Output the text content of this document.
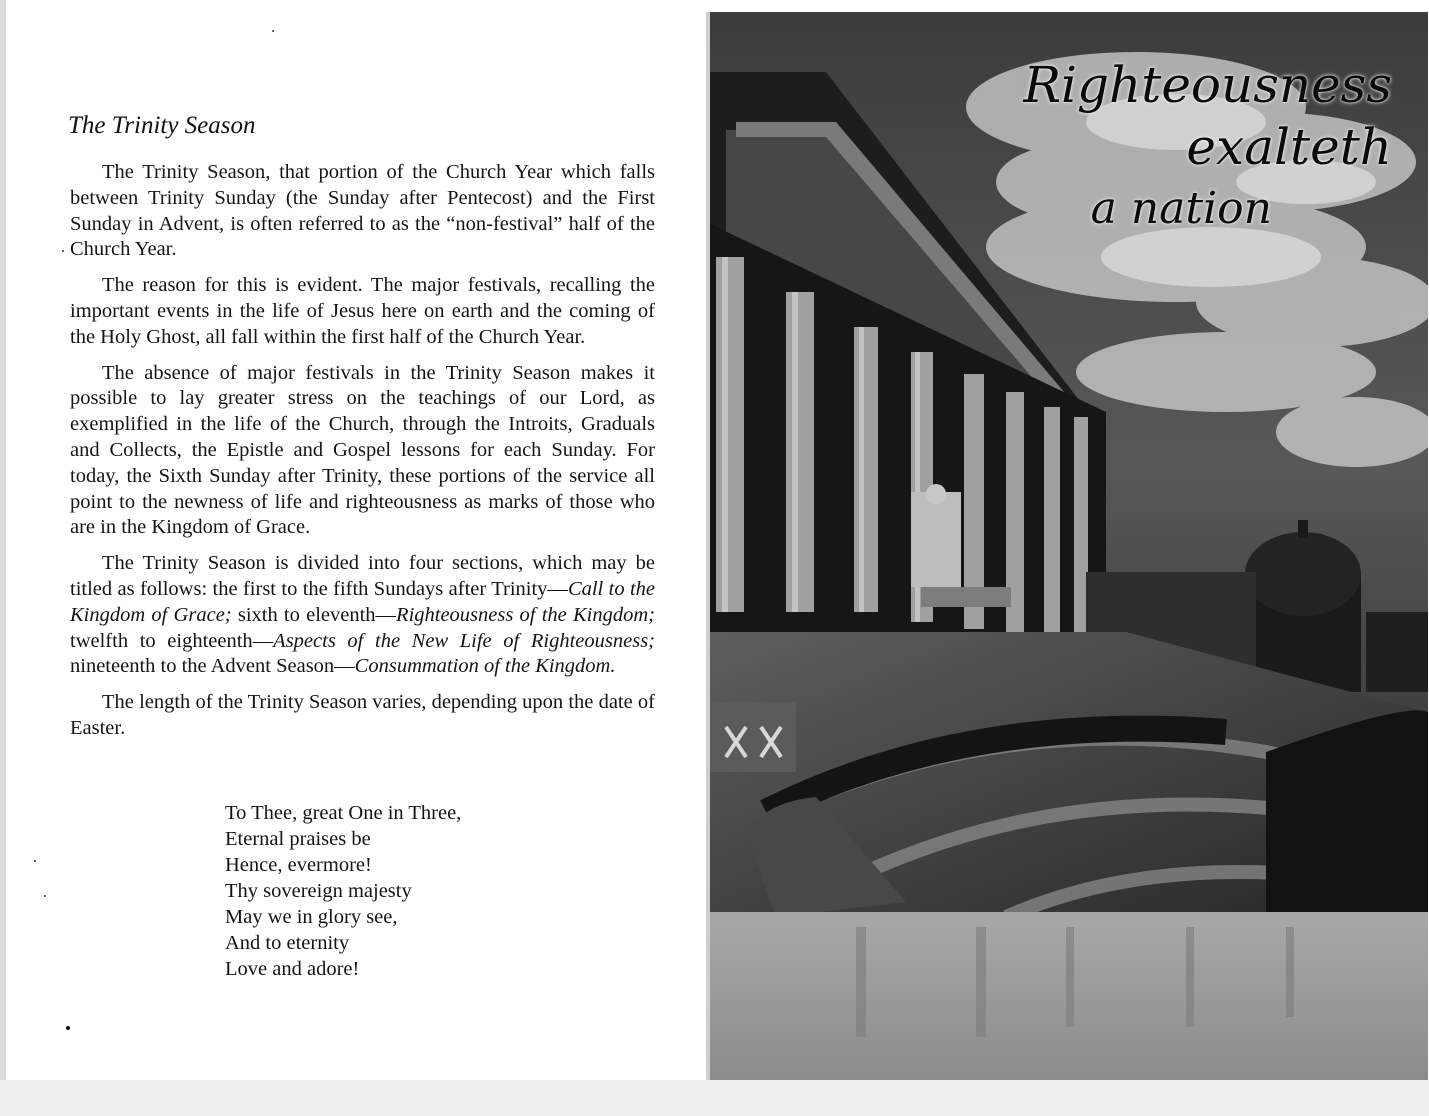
The Trinity Season

The Trinity Season, that portion of the Church Year which falls between Trinity Sunday (the Sunday after Pentecost) and the First Sunday in Advent, is often referred to as the “non-festival” half of the Church Year.

The reason for this is evident. The major festivals, recalling the important events in the life of Jesus here on earth and the coming of the Holy Ghost, all fall within the first half of the Church Year.

The absence of major festivals in the Trinity Season makes it possible to lay greater stress on the teachings of our Lord, as exemplified in the life of the Church, through the Introits, Graduals and Collects, the Epistle and Gospel lessons for each Sunday. For today, the Sixth Sunday after Trinity, these portions of the service all point to the newness of life and righteousness as marks of those who are in the Kingdom of Grace.

The Trinity Season is divided into four sections, which may be titled as follows: the first to the fifth Sundays after Trinity—Call to the Kingdom of Grace; sixth to eleventh—Righteousness of the Kingdom; twelfth to eighteenth—Aspects of the New Life of Righteousness; nineteenth to the Advent Season—Consummation of the Kingdom.

The length of the Trinity Season varies, depending upon the date of Easter.

To Thee, great One in Three,
Eternal praises be
Hence, evermore!
Thy sovereign majesty
May we in glory see,
And to eternity
Love and adore!
Righteousness exalteth
a nation
